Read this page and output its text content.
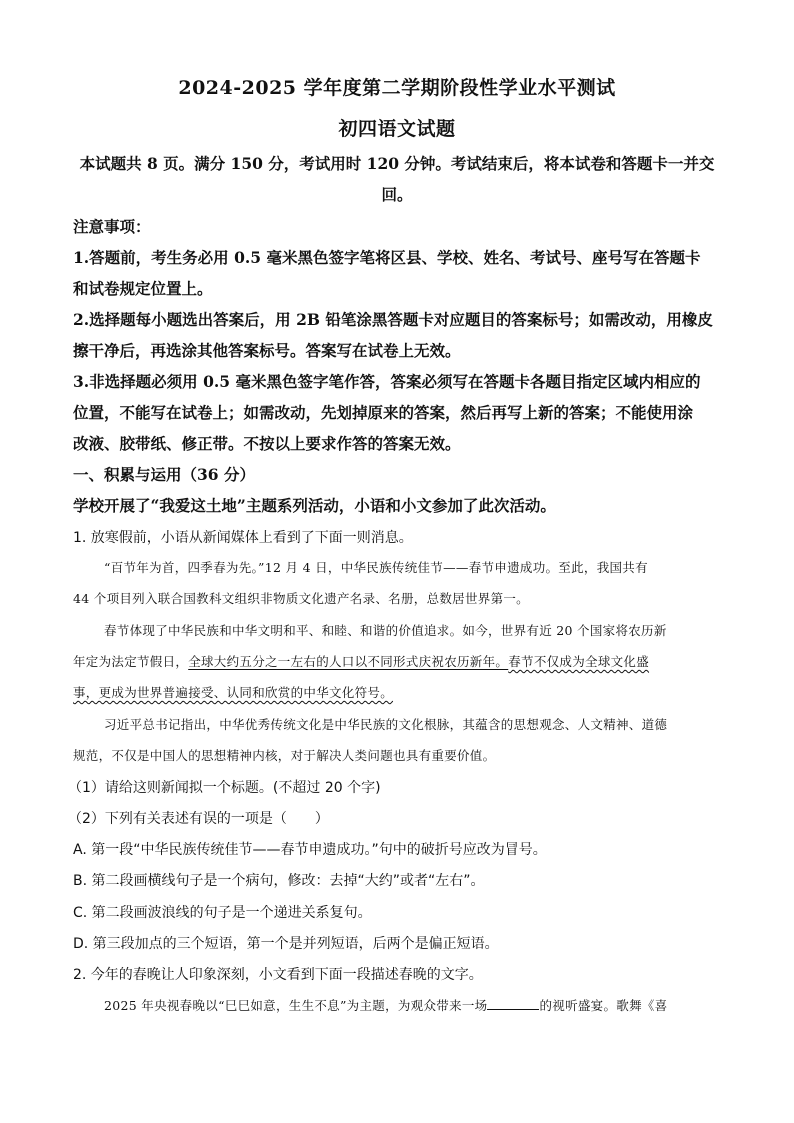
2024-2025 学年度第二学期阶段性学业水平测试
初四语文试题
本试题共 8 页。满分 150 分，考试用时 120 分钟。考试结束后，将本试卷和答题卡一并交
回。
注意事项：
1.答题前，考生务必用 0.5 毫米黑色签字笔将区县、学校、姓名、考试号、座号写在答题卡
和试卷规定位置上。
2.选择题每小题选出答案后，用 2B 铅笔涂黑答题卡对应题目的答案标号；如需改动，用橡皮
擦干净后，再选涂其他答案标号。答案写在试卷上无效。
3.非选择题必须用 0.5 毫米黑色签字笔作答，答案必须写在答题卡各题目指定区域内相应的
位置，不能写在试卷上；如需改动，先划掉原来的答案，然后再写上新的答案；不能使用涂
改液、胶带纸、修正带。不按以上要求作答的答案无效。
一、积累与运用（36 分）
学校开展了“我爱这土地”主题系列活动，小语和小文参加了此次活动。
1. 放寒假前，小语从新闻媒体上看到了下面一则消息。
“百节年为首，四季春为先。”12 月 4 日，中华民族传统佳节——春节申遗成功。至此，我国共有
44 个项目列入联合国教科文组织非物质文化遗产名录、名册，总数居世界第一。
春节体现了中华民族和中华文明和平、和睦、和谐的价值追求。如今，世界有近 20 个国家将农历新
年定为法定节假日，全球大约五分之一左右的人口以不同形式庆祝农历新年。春节不仅成为全球文化盛
事，更成为世界普遍接受、认同和欣赏的中华文化符号。
习近平总书记指出，中华优秀传统文化是中华民族的文化根脉，其蕴含的思想观念、人文精神、道德
规范，不仅是中国人的思想精神内核，对于解决人类问题也具有重要价值。
（1）请给这则新闻拟一个标题。(不超过 20 个字)
（2）下列有关表述有误的一项是（　　）
A. 第一段“中华民族传统佳节——春节申遗成功。”句中的破折号应改为冒号。
B. 第二段画横线句子是一个病句，修改：去掉“大约”或者“左右”。
C. 第二段画波浪线的句子是一个递进关系复句。
D. 第三段加点的三个短语，第一个是并列短语，后两个是偏正短语。
2. 今年的春晚让人印象深刻，小文看到下面一段描述春晚的文字。
2025 年央视春晚以“巳巳如意，生生不息”为主题，为观众带来一场	的视听盛宴。歌舞《喜
